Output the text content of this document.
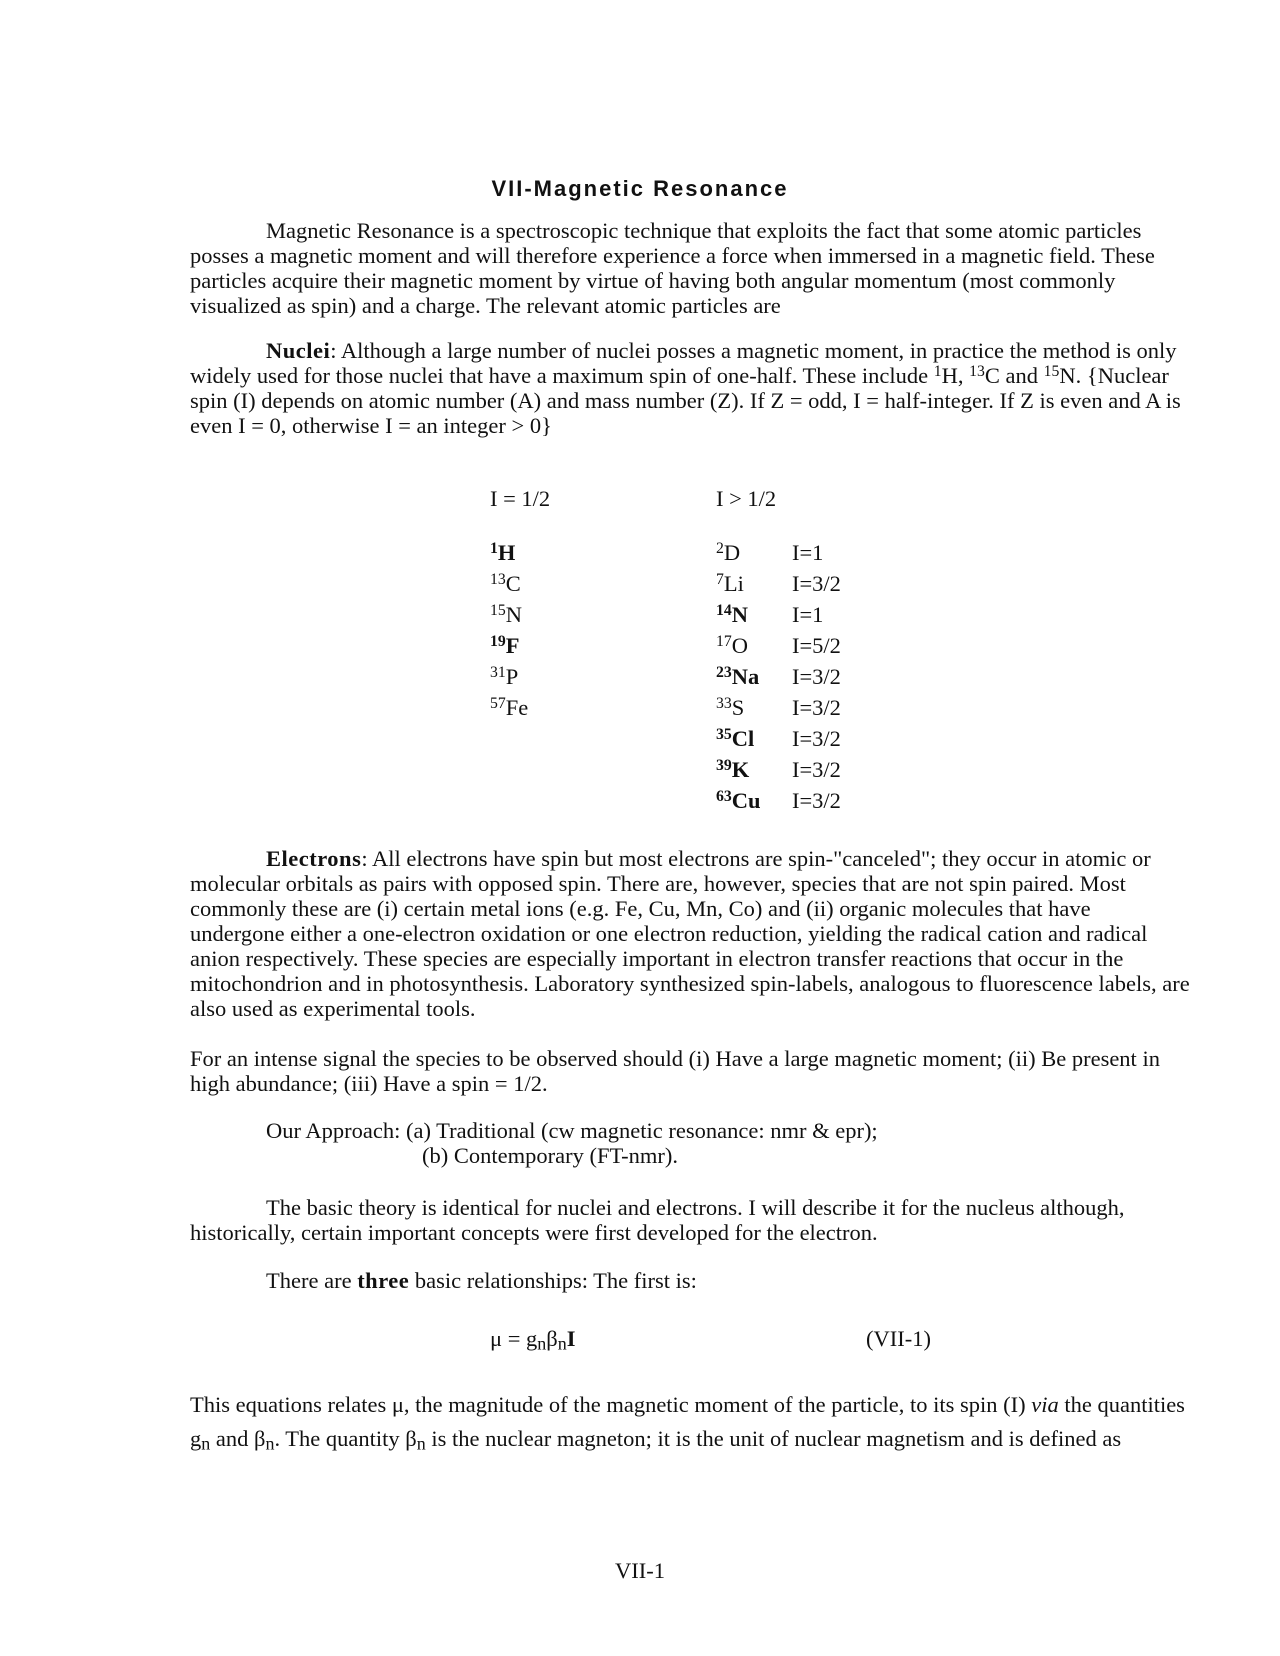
VII-Magnetic Resonance

Magnetic Resonance is a spectroscopic technique that exploits the fact that some atomic particles posses a magnetic moment and will therefore experience a force when immersed in a magnetic field. These particles acquire their magnetic moment by virtue of having both angular momentum (most commonly visualized as spin) and a charge. The relevant atomic particles are

Nuclei: Although a large number of nuclei posses a magnetic moment, in practice the method is only widely used for those nuclei that have a maximum spin of one-half. These include $^1$H, $^{13}$C and $^{15}$N. {Nuclear spin (I) depends on atomic number (A) and mass number (Z). If Z = odd, I = half-integer. If Z is even and A is even I = 0, otherwise I = an integer > 0}

I = 1/2	I > 1/2
$^1$H
$^{13}$C
$^{15}$N
$^{19}$F
$^{31}$P
$^{57}$Fe
$^2$D
$^7$Li
$^{14}$N
$^{17}$O
$^{23}$Na
$^{33}$S
$^{35}$Cl
$^{39}$K
$^{63}$Cu
I=1
I=3/2
I=1
I=5/2
I=3/2
I=3/2
I=3/2
I=3/2
I=3/2

Electrons: All electrons have spin but most electrons are spin-"canceled"; they occur in atomic or molecular orbitals as pairs with opposed spin. There are, however, species that are not spin paired. Most commonly these are (i) certain metal ions (e.g. Fe, Cu, Mn, Co) and (ii) organic molecules that have undergone either a one-electron oxidation or one electron reduction, yielding the radical cation and radical anion respectively. These species are especially important in electron transfer reactions that occur in the mitochondrion and in photosynthesis. Laboratory synthesized spin-labels, analogous to fluorescence labels, are also used as experimental tools.

For an intense signal the species to be observed should (i) Have a large magnetic moment; (ii) Be present in high abundance; (iii) Have a spin = 1/2.

Our Approach: (a) Traditional (cw magnetic resonance: nmr & epr);
(b) Contemporary (FT-nmr).

The basic theory is identical for nuclei and electrons. I will describe it for the nucleus although, historically, certain important concepts were first developed for the electron.

There are three basic relationships: The first is:

$\mu = g_n\beta_nI$	(VII-1)

This equations relates μ, the magnitude of the magnetic moment of the particle, to its spin (I) via the quantities $g_n$ and $\beta_n$. The quantity $\beta_n$ is the nuclear magneton; it is the unit of nuclear magnetism and is defined as

VII-1
